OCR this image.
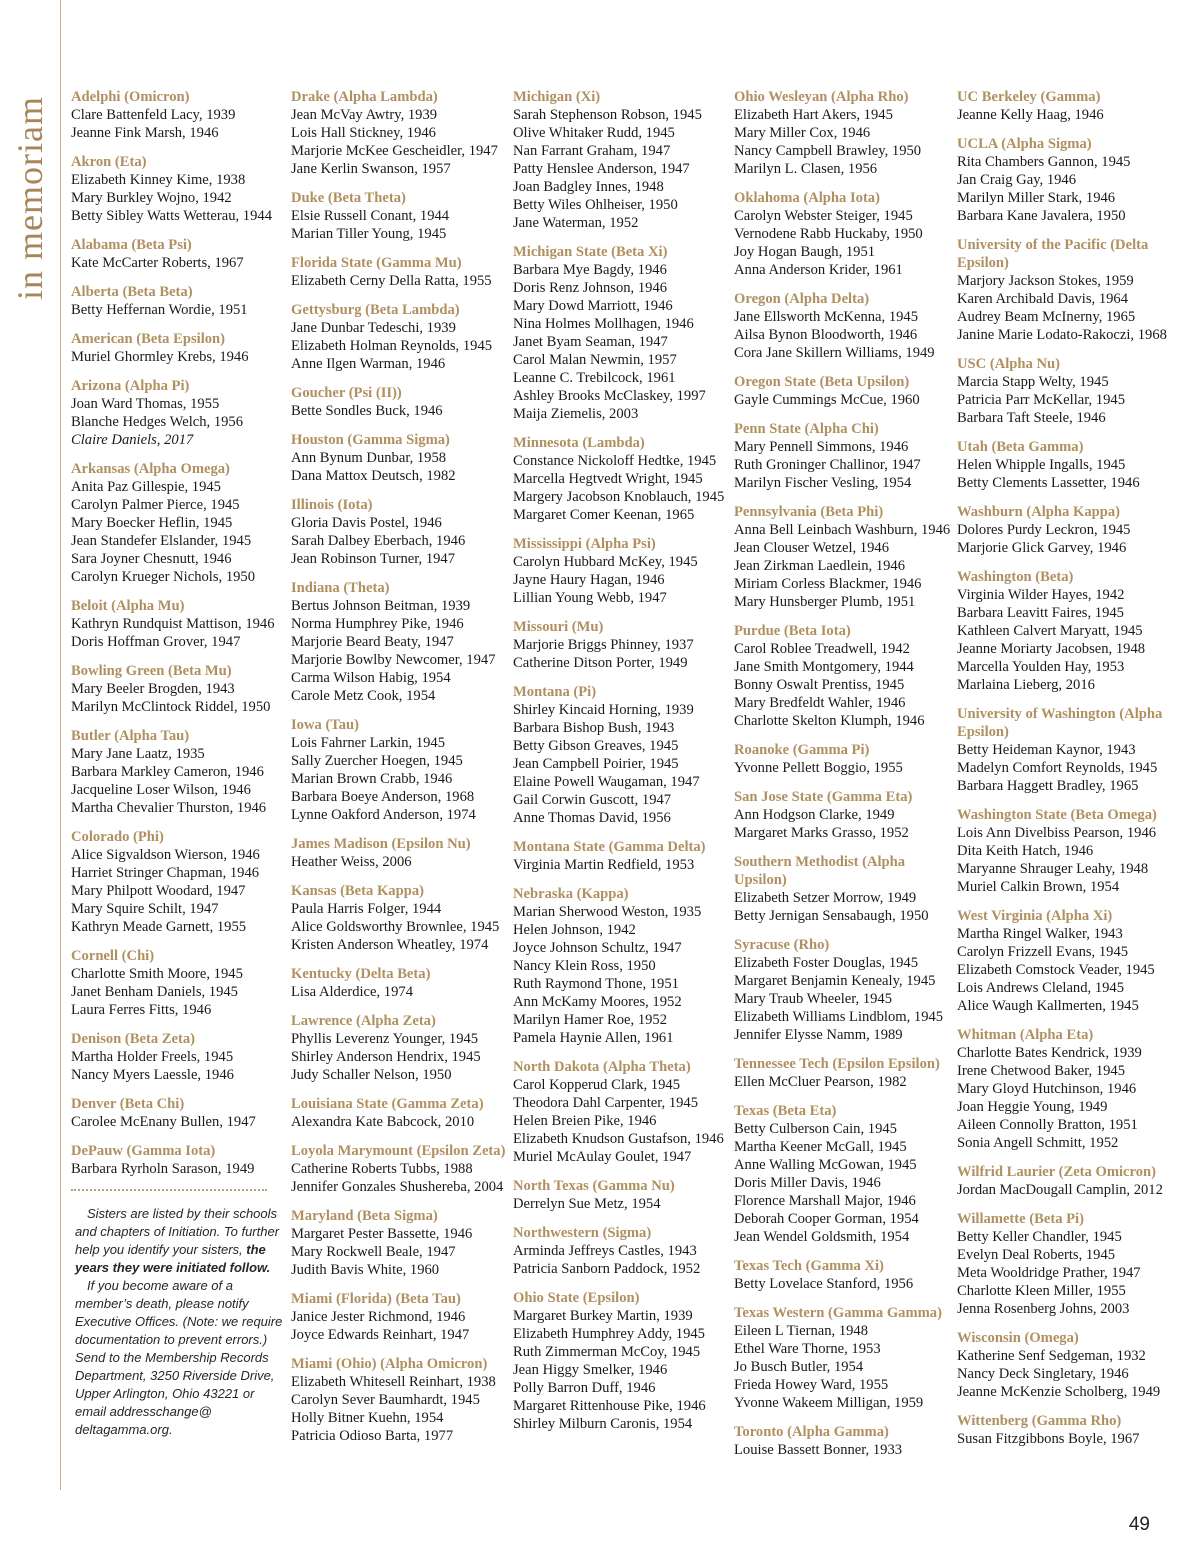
in memoriam Adelphi (Omicron)
Clare Battenfeld Lacy, 1939
Jeanne Fink Marsh, 1946
Akron (Eta)
Elizabeth Kinney Kime, 1938
Mary Burkley Wojno, 1942
Betty Sibley Watts Wetterau, 1944
Alabama (Beta Psi)
Kate McCarter Roberts, 1967
Alberta (Beta Beta)
Betty Heffernan Wordie, 1951
American (Beta Epsilon)
Muriel Ghormley Krebs, 1946
Arizona (Alpha Pi)
Joan Ward Thomas, 1955
Blanche Hedges Welch, 1956
Claire Daniels, 2017
Arkansas (Alpha Omega)
Anita Paz Gillespie, 1945
Carolyn Palmer Pierce, 1945
Mary Boecker Heflin, 1945
Jean Standefer Elslander, 1945
Sara Joyner Chesnutt, 1946
Carolyn Krueger Nichols, 1950
Beloit (Alpha Mu)
Kathryn Rundquist Mattison, 1946
Doris Hoffman Grover, 1947
Bowling Green (Beta Mu)
Mary Beeler Brogden, 1943
Marilyn McClintock Riddel, 1950
Butler (Alpha Tau)
Mary Jane Laatz, 1935
Barbara Markley Cameron, 1946
Jacqueline Loser Wilson, 1946
Martha Chevalier Thurston, 1946
Colorado (Phi)
Alice Sigvaldson Wierson, 1946
Harriet Stringer Chapman, 1946
Mary Philpott Woodard, 1947
Mary Squire Schilt, 1947
Kathryn Meade Garnett, 1955
Cornell (Chi)
Charlotte Smith Moore, 1945
Janet Benham Daniels, 1945
Laura Ferres Fitts, 1946
Denison (Beta Zeta)
Martha Holder Freels, 1945
Nancy Myers Laessle, 1946
Denver (Beta Chi)
Carolee McEnany Bullen, 1947
DePauw (Gamma Iota)
Barbara Ryrholn Sarason, 1949

Sisters are listed by their schools and chapters of Initiation. To further help you identify your sisters, the years they were initiated follow.

If you become aware of a member’s death, please notify Executive Offices. (Note: we require documentation to prevent errors.) Send to the Membership Records Department, 3250 Riverside Drive, Upper Arlington, Ohio 43221 or email addresschange@ deltagamma.org.

Drake (Alpha Lambda)
Jean McVay Awtry, 1939
Lois Hall Stickney, 1946
Marjorie McKee Gescheidler, 1947
Jane Kerlin Swanson, 1957
Duke (Beta Theta)
Elsie Russell Conant, 1944
Marian Tiller Young, 1945
Florida State (Gamma Mu)
Elizabeth Cerny Della Ratta, 1955
Gettysburg (Beta Lambda)
Jane Dunbar Tedeschi, 1939
Elizabeth Holman Reynolds, 1945
Anne Ilgen Warman, 1946
Goucher (Psi (II))
Bette Sondles Buck, 1946
Houston (Gamma Sigma)
Ann Bynum Dunbar, 1958
Dana Mattox Deutsch, 1982
Illinois (Iota)
Gloria Davis Postel, 1946
Sarah Dalbey Eberbach, 1946
Jean Robinson Turner, 1947
Indiana (Theta)
Bertus Johnson Beitman, 1939
Norma Humphrey Pike, 1946
Marjorie Beard Beaty, 1947
Marjorie Bowlby Newcomer, 1947
Carma Wilson Habig, 1954
Carole Metz Cook, 1954
Iowa (Tau)
Lois Fahrner Larkin, 1945
Sally Zuercher Hoegen, 1945
Marian Brown Crabb, 1946
Barbara Boeye Anderson, 1968
Lynne Oakford Anderson, 1974
James Madison (Epsilon Nu)
Heather Weiss, 2006
Kansas (Beta Kappa)
Paula Harris Folger, 1944
Alice Goldsworthy Brownlee, 1945
Kristen Anderson Wheatley, 1974
Kentucky (Delta Beta)
Lisa Alderdice, 1974
Lawrence (Alpha Zeta)
Phyllis Leverenz Younger, 1945
Shirley Anderson Hendrix, 1945
Judy Schaller Nelson, 1950
Louisiana State (Gamma Zeta)
Alexandra Kate Babcock, 2010
Loyola Marymount (Epsilon Zeta)
Catherine Roberts Tubbs, 1988
Jennifer Gonzales Shushereba, 2004
Maryland (Beta Sigma)
Margaret Pester Bassette, 1946
Mary Rockwell Beale, 1947
Judith Bavis White, 1960
Miami (Florida) (Beta Tau)
Janice Jester Richmond, 1946
Joyce Edwards Reinhart, 1947
Miami (Ohio) (Alpha Omicron)
Elizabeth Whitesell Reinhart, 1938
Carolyn Sever Baumhardt, 1945
Holly Bitner Kuehn, 1954
Patricia Odioso Barta, 1977
Michigan (Xi)
Sarah Stephenson Robson, 1945
Olive Whitaker Rudd, 1945
Nan Farrant Graham, 1947
Patty Henslee Anderson, 1947
Joan Badgley Innes, 1948
Betty Wiles Ohlheiser, 1950
Jane Waterman, 1952
Michigan State (Beta Xi)
Barbara Mye Bagdy, 1946
Doris Renz Johnson, 1946
Mary Dowd Marriott, 1946
Nina Holmes Mollhagen, 1946
Janet Byam Seaman, 1947
Carol Malan Newmin, 1957
Leanne C. Trebilcock, 1961
Ashley Brooks McClaskey, 1997
Maija Ziemelis, 2003
Minnesota (Lambda)
Constance Nickoloff Hedtke, 1945
Marcella Hegtvedt Wright, 1945
Margery Jacobson Knoblauch, 1945
Margaret Comer Keenan, 1965
Mississippi (Alpha Psi)
Carolyn Hubbard McKey, 1945
Jayne Haury Hagan, 1946
Lillian Young Webb, 1947
Missouri (Mu)
Marjorie Briggs Phinney, 1937
Catherine Ditson Porter, 1949
Montana (Pi)
Shirley Kincaid Horning, 1939
Barbara Bishop Bush, 1943
Betty Gibson Greaves, 1945
Jean Campbell Poirier, 1945
Elaine Powell Waugaman, 1947
Gail Corwin Guscott, 1947
Anne Thomas David, 1956
Montana State (Gamma Delta)
Virginia Martin Redfield, 1953
Nebraska (Kappa)
Marian Sherwood Weston, 1935
Helen Johnson, 1942
Joyce Johnson Schultz, 1947
Nancy Klein Ross, 1950
Ruth Raymond Thone, 1951
Ann McKamy Moores, 1952
Marilyn Hamer Roe, 1952
Pamela Haynie Allen, 1961
North Dakota (Alpha Theta)
Carol Kopperud Clark, 1945
Theodora Dahl Carpenter, 1945
Helen Breien Pike, 1946
Elizabeth Knudson Gustafson, 1946
Muriel McAulay Goulet, 1947
North Texas (Gamma Nu)
Derrelyn Sue Metz, 1954
Northwestern (Sigma)
Arminda Jeffreys Castles, 1943
Patricia Sanborn Paddock, 1952
Ohio State (Epsilon)
Margaret Burkey Martin, 1939
Elizabeth Humphrey Addy, 1945
Ruth Zimmerman McCoy, 1945
Jean Higgy Smelker, 1946
Polly Barron Duff, 1946
Margaret Rittenhouse Pike, 1946
Shirley Milburn Caronis, 1954
Ohio Wesleyan (Alpha Rho)
Elizabeth Hart Akers, 1945
Mary Miller Cox, 1946
Nancy Campbell Brawley, 1950
Marilyn L. Clasen, 1956
Oklahoma (Alpha Iota)
Carolyn Webster Steiger, 1945
Vernodene Rabb Huckaby, 1950
Joy Hogan Baugh, 1951
Anna Anderson Krider, 1961
Oregon (Alpha Delta)
Jane Ellsworth McKenna, 1945
Ailsa Bynon Bloodworth, 1946
Cora Jane Skillern Williams, 1949
Oregon State (Beta Upsilon)
Gayle Cummings McCue, 1960
Penn State (Alpha Chi)
Mary Pennell Simmons, 1946
Ruth Groninger Challinor, 1947
Marilyn Fischer Vesling, 1954
Pennsylvania (Beta Phi)
Anna Bell Leinbach Washburn, 1946
Jean Clouser Wetzel, 1946
Jean Zirkman Laedlein, 1946
Miriam Corless Blackmer, 1946
Mary Hunsberger Plumb, 1951
Purdue (Beta Iota)
Carol Roblee Treadwell, 1942
Jane Smith Montgomery, 1944
Bonny Oswalt Prentiss, 1945
Mary Bredfeldt Wahler, 1946
Charlotte Skelton Klumph, 1946
Roanoke (Gamma Pi)
Yvonne Pellett Boggio, 1955
San Jose State (Gamma Eta)
Ann Hodgson Clarke, 1949
Margaret Marks Grasso, 1952
Southern Methodist (Alpha Upsilon)
Elizabeth Setzer Morrow, 1949
Betty Jernigan Sensabaugh, 1950
Syracuse (Rho)
Elizabeth Foster Douglas, 1945
Margaret Benjamin Kenealy, 1945
Mary Traub Wheeler, 1945
Elizabeth Williams Lindblom, 1945
Jennifer Elysse Namm, 1989
Tennessee Tech (Epsilon Epsilon)
Ellen McCluer Pearson, 1982
Texas (Beta Eta)
Betty Culberson Cain, 1945
Martha Keener McGall, 1945
Anne Walling McGowan, 1945
Doris Miller Davis, 1946
Florence Marshall Major, 1946
Deborah Cooper Gorman, 1954
Jean Wendel Goldsmith, 1954
Texas Tech (Gamma Xi)
Betty Lovelace Stanford, 1956
Texas Western (Gamma Gamma)
Eileen L Tiernan, 1948
Ethel Ware Thorne, 1953
Jo Busch Butler, 1954
Frieda Howey Ward, 1955
Yvonne Wakeem Milligan, 1959
Toronto (Alpha Gamma)
Louise Bassett Bonner, 1933
UC Berkeley (Gamma)
Jeanne Kelly Haag, 1946
UCLA (Alpha Sigma)
Rita Chambers Gannon, 1945
Jan Craig Gay, 1946
Marilyn Miller Stark, 1946
Barbara Kane Javalera, 1950
University of the Pacific (Delta Epsilon)
Marjory Jackson Stokes, 1959
Karen Archibald Davis, 1964
Audrey Beam McInerny, 1965
Janine Marie Lodato-Rakoczi, 1968
USC (Alpha Nu)
Marcia Stapp Welty, 1945
Patricia Parr McKellar, 1945
Barbara Taft Steele, 1946
Utah (Beta Gamma)
Helen Whipple Ingalls, 1945
Betty Clements Lassetter, 1946
Washburn (Alpha Kappa)
Dolores Purdy Leckron, 1945
Marjorie Glick Garvey, 1946
Washington (Beta)
Virginia Wilder Hayes, 1942
Barbara Leavitt Faires, 1945
Kathleen Calvert Maryatt, 1945
Jeanne Moriarty Jacobsen, 1948
Marcella Youlden Hay, 1953
Marlaina Lieberg, 2016
University of Washington (Alpha Epsilon)
Betty Heideman Kaynor, 1943
Madelyn Comfort Reynolds, 1945
Barbara Haggett Bradley, 1965
Washington State (Beta Omega)
Lois Ann Divelbiss Pearson, 1946
Dita Keith Hatch, 1946
Maryanne Shrauger Leahy, 1948
Muriel Calkin Brown, 1954
West Virginia (Alpha Xi)
Martha Ringel Walker, 1943
Carolyn Frizzell Evans, 1945
Elizabeth Comstock Veader, 1945
Lois Andrews Cleland, 1945
Alice Waugh Kallmerten, 1945
Whitman (Alpha Eta)
Charlotte Bates Kendrick, 1939
Irene Chetwood Baker, 1945
Mary Gloyd Hutchinson, 1946
Joan Heggie Young, 1949
Aileen Connolly Bratton, 1951
Sonia Angell Schmitt, 1952
Wilfrid Laurier (Zeta Omicron)
Jordan MacDougall Camplin, 2012
Willamette (Beta Pi)
Betty Keller Chandler, 1945
Evelyn Deal Roberts, 1945
Meta Wooldridge Prather, 1947
Charlotte Kleen Miller, 1955
Jenna Rosenberg Johns, 2003
Wisconsin (Omega)
Katherine Senf Sedgeman, 1932
Nancy Deck Singletary, 1946
Jeanne McKenzie Scholberg, 1949
Wittenberg (Gamma Rho)
Susan Fitzgibbons Boyle, 1967
49
